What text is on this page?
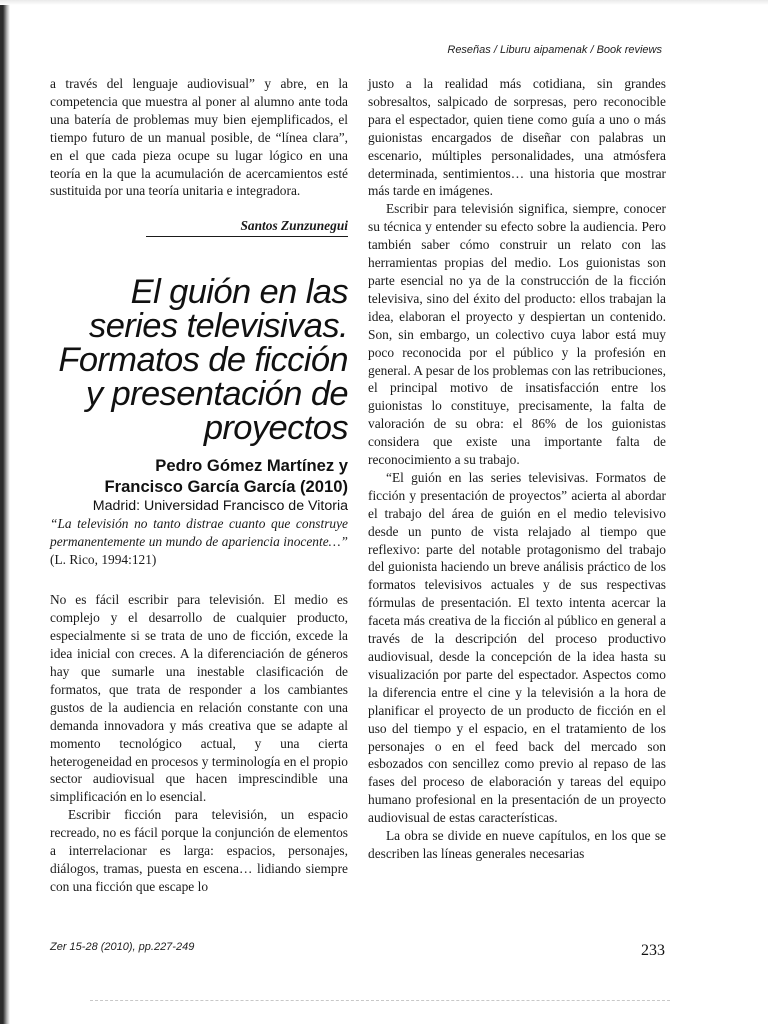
Reseñas / Liburu aipamenak / Book reviews

a través del lenguaje audiovisual” y abre, en la competencia que muestra al poner al alumno ante toda una batería de problemas muy bien ejemplificados, el tiempo futuro de un manual posible, de “línea clara”, en el que cada pieza ocupe su lugar lógico en una teoría en la que la acumulación de acercamientos esté sustituida por una teoría unitaria e integradora.

Santos Zunzunegui
El guión en las series televisivas. Formatos de ficción y presentación de proyectos
Pedro Gómez Martínez y
Francisco García García (2010)
Madrid: Universidad Francisco de Vitoria

“La televisión no tanto distrae cuanto que construye permanentemente un mundo de apariencia inocente…” (L. Rico, 1994:121)

No es fácil escribir para televisión. El medio es complejo y el desarrollo de cualquier producto, especialmente si se trata de uno de ficción, excede la idea inicial con creces. A la diferenciación de géneros hay que sumarle una inestable clasificación de formatos, que trata de responder a los cambiantes gustos de la audiencia en relación constante con una demanda innovadora y más creativa que se adapte al momento tecnológico actual, y una cierta heterogeneidad en procesos y terminología en el propio sector audiovisual que hacen imprescindible una simplificación en lo esencial.

Escribir ficción para televisión, un espacio recreado, no es fácil porque la conjunción de elementos a interrelacionar es larga: espacios, personajes, diálogos, tramas, puesta en escena… lidiando siempre con una ficción que escape lo

justo a la realidad más cotidiana, sin grandes sobresaltos, salpicado de sorpresas, pero reconocible para el espectador, quien tiene como guía a uno o más guionistas encargados de diseñar con palabras un escenario, múltiples personalidades, una atmósfera determinada, sentimientos… una historia que mostrar más tarde en imágenes.

Escribir para televisión significa, siempre, conocer su técnica y entender su efecto sobre la audiencia. Pero también saber cómo construir un relato con las herramientas propias del medio. Los guionistas son parte esencial no ya de la construcción de la ficción televisiva, sino del éxito del producto: ellos trabajan la idea, elaboran el proyecto y despiertan un contenido. Son, sin embargo, un colectivo cuya labor está muy poco reconocida por el público y la profesión en general. A pesar de los problemas con las retribuciones, el principal motivo de insatisfacción entre los guionistas lo constituye, precisamente, la falta de valoración de su obra: el 86% de los guionistas considera que existe una importante falta de reconocimiento a su trabajo.

“El guión en las series televisivas. Formatos de ficción y presentación de proyectos” acierta al abordar el trabajo del área de guión en el medio televisivo desde un punto de vista relajado al tiempo que reflexivo: parte del notable protagonismo del trabajo del guionista haciendo un breve análisis práctico de los formatos televisivos actuales y de sus respectivas fórmulas de presentación. El texto intenta acercar la faceta más creativa de la ficción al público en general a través de la descripción del proceso productivo audiovisual, desde la concepción de la idea hasta su visualización por parte del espectador. Aspectos como la diferencia entre el cine y la televisión a la hora de planificar el proyecto de un producto de ficción en el uso del tiempo y el espacio, en el tratamiento de los personajes o en el feed back del mercado son esbozados con sencillez como previo al repaso de las fases del proceso de elaboración y tareas del equipo humano profesional en la presentación de un proyecto audiovisual de estas características.

La obra se divide en nueve capítulos, en los que se describen las líneas generales necesarias

Zer 15-28 (2010), pp.227-249	233
